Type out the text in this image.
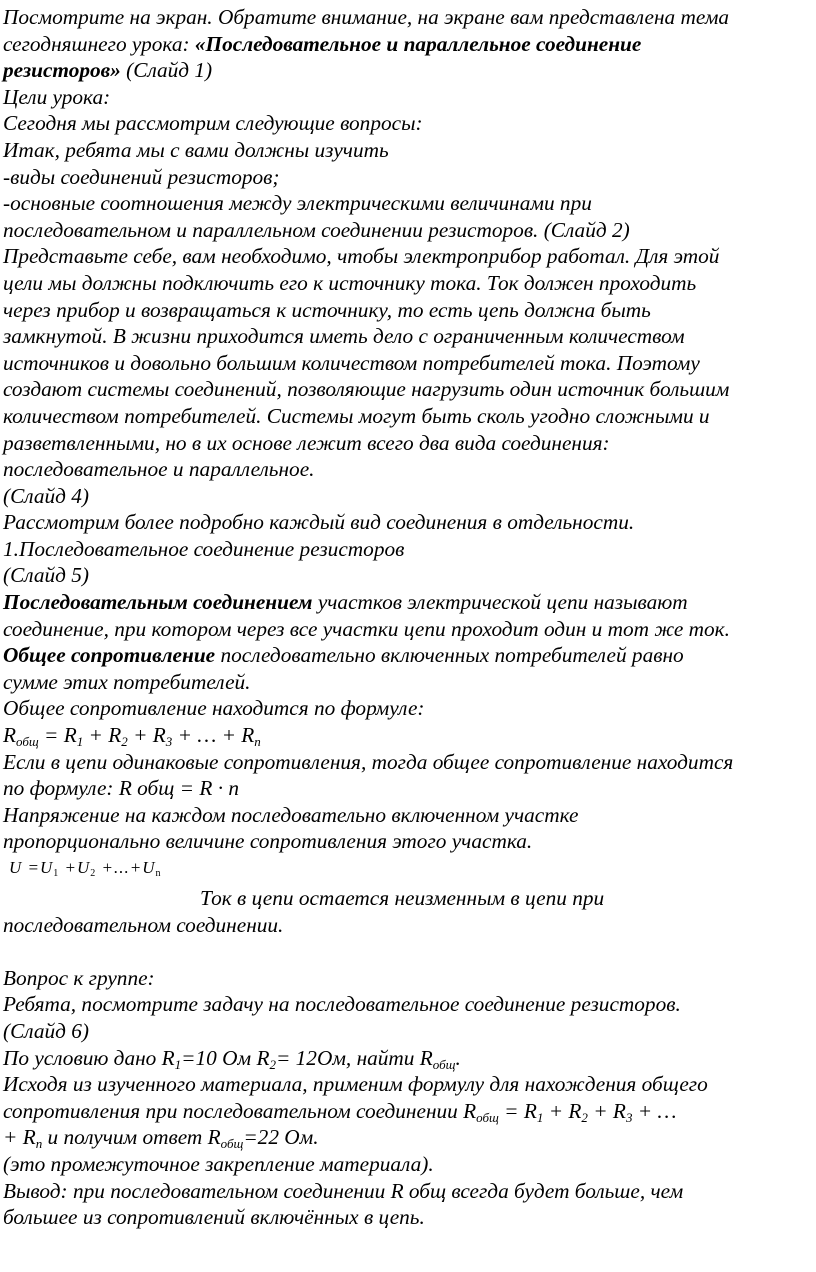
Посмотрите на экран. Обратите внимание, на экране вам представлена тема
сегодняшнего урока: «Последовательное и параллельное соединение
резисторов» (Слайд 1)
Цели урока:
Сегодня мы рассмотрим следующие вопросы:
Итак, ребята мы с вами должны изучить
-виды соединений резисторов;
-основные соотношения между электрическими величинами при
последовательном и параллельном соединении резисторов. (Слайд 2)
Представьте себе, вам необходимо, чтобы электроприбор работал. Для этой
цели мы должны подключить его к источнику тока. Ток должен проходить
через прибор и возвращаться к источнику, то есть цепь должна быть
замкнутой. В жизни приходится иметь дело с ограниченным количеством
источников и довольно большим количеством потребителей тока. Поэтому
создают системы соединений, позволяющие нагрузить один источник большим
количеством потребителей. Системы могут быть сколь угодно сложными и
разветвленными, но в их основе лежит всего два вида соединения:
последовательное и параллельное.
(Слайд 4)
Рассмотрим более подробно каждый вид соединения в отдельности.
1.Последовательное соединение резисторов
(Слайд 5)
Последовательным соединением участков электрической цепи называют
соединение, при котором через все участки цепи проходит один и тот же ток.
Общее сопротивление последовательно включенных потребителей равно
сумме этих потребителей.
Общее сопротивление находится по формуле:
$R_{общ} = R_1 + R_2 + R_3$ + … + $R_n$
Если в цепи одинаковые сопротивления, тогда общее сопротивление находится
по формуле: R общ = R · n
Напряжение на каждом последовательно включенном участке
пропорционально величине сопротивления этого участка.
$U =U_1 +U_2 +...+U_n$
Ток в цепи остается неизменным в цепи при
последовательном соединении.
Вопрос к группе:
Ребята, посмотрите задачу на последовательное соединение резисторов.
(Слайд 6)
По условию дано $R_1=10$ Ом $R_2= 12Ом$, найти $R_{общ}$.
Исходя из изученного материала, применим формулу для нахождения общего
сопротивления при последовательном соединении $R_{общ} = R_1 + R_2 + R_3$ + …
+ $R_n$ и получим ответ $R_{общ}=22$ Ом.
(это промежуточное закрепление материала).
Вывод: при последовательном соединении R общ всегда будет больше, чем
большее из сопротивлений включённых в цепь.
